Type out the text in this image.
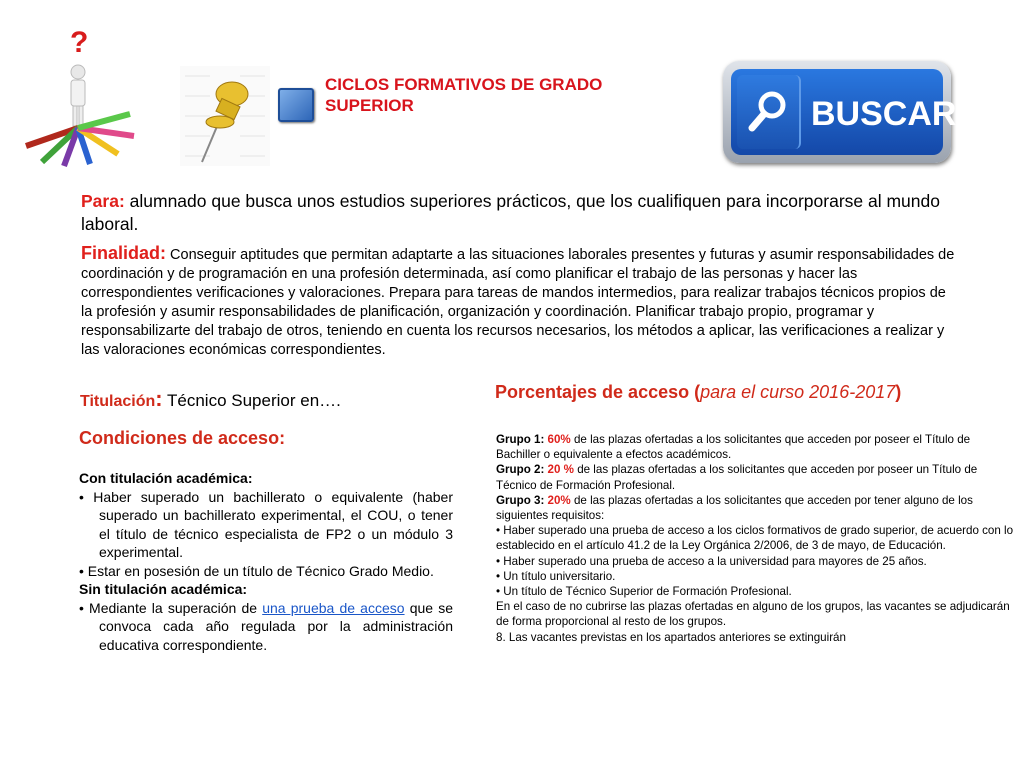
?
CICLOS FORMATIVOS DE GRADO SUPERIOR	BUSCAR
Para: alumnado que busca unos estudios superiores prácticos, que los cualifiquen para incorporarse al mundo laboral.
Finalidad: Conseguir aptitudes que permitan adaptarte a las situaciones laborales presentes y futuras y asumir responsabilidades de coordinación y de programación en una profesión determinada, así como planificar el trabajo de las personas y hacer las correspondientes verificaciones y valoraciones. Prepara para tareas de mandos intermedios, para realizar trabajos técnicos propios de la profesión y asumir responsabilidades de planificación, organización y coordinación. Planificar trabajo propio, programar y responsabilizarte del trabajo de otros, teniendo en cuenta los recursos necesarios, los métodos a aplicar, las verificaciones a realizar y las valoraciones económicas correspondientes.
Titulación: Técnico Superior en….	Porcentajes de acceso (para el curso 2016-2017)
Condiciones de acceso:
Con titulación académica:
• Haber superado un bachillerato o equivalente (haber superado un bachillerato experimental, el COU, o tener el título de técnico especialista de FP2 o un módulo 3 experimental.
• Estar en posesión de un título de Técnico Grado Medio.
Sin titulación académica:
• Mediante la superación de una prueba de acceso que se convoca cada año regulada por la administración educativa correspondiente.
Grupo 1: 60% de las plazas ofertadas a los solicitantes que acceden por poseer el Título de Bachiller o equivalente a efectos académicos.
Grupo 2: 20 % de las plazas ofertadas a los solicitantes que acceden por poseer un Título de Técnico de Formación Profesional.
Grupo 3: 20% de las plazas ofertadas a los solicitantes que acceden por tener alguno de los siguientes requisitos:
• Haber superado una prueba de acceso a los ciclos formativos de grado superior, de acuerdo con lo establecido en el artículo 41.2 de la Ley Orgánica 2/2006, de 3 de mayo, de Educación.
• Haber superado una prueba de acceso a la universidad para mayores de 25 años.
• Un título universitario.
• Un título de Técnico Superior de Formación Profesional.
En el caso de no cubrirse las plazas ofertadas en alguno de los grupos, las vacantes se adjudicarán de forma proporcional al resto de los grupos.
8. Las vacantes previstas en los apartados anteriores se extinguirán
